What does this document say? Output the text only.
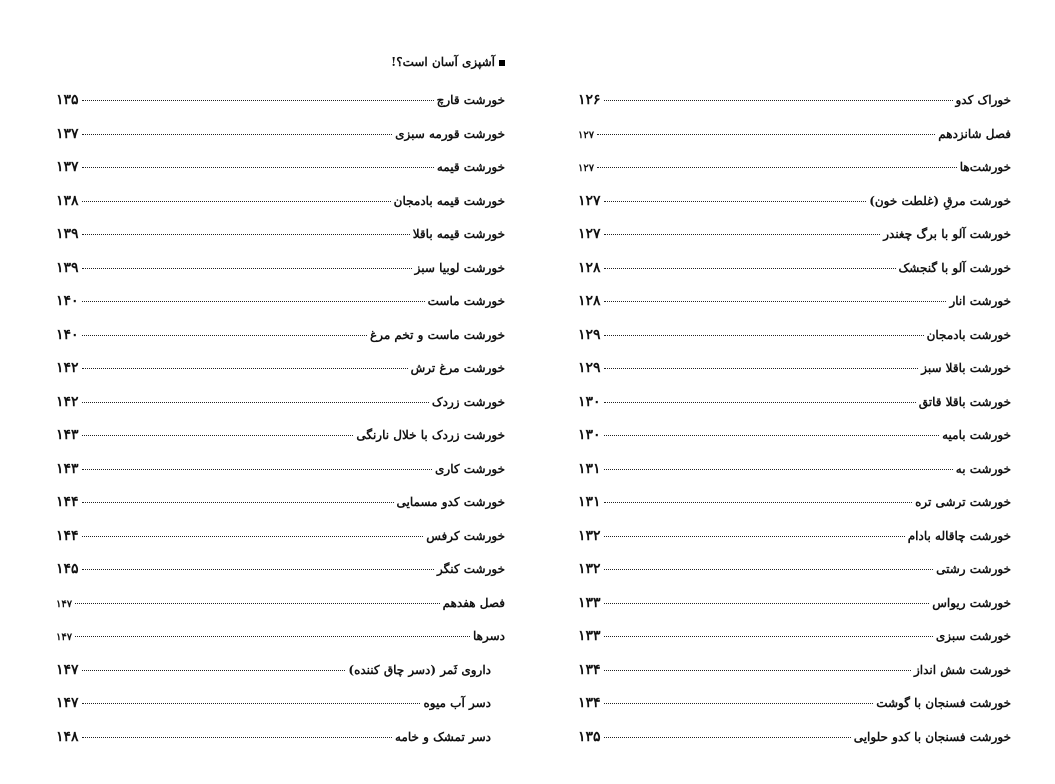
آشپزی آسان است؟!
خورشت قارچ
۱۳۵
خورشت قورمه سبزی
۱۳۷
خورشت قیمه
۱۳۷
خورشت قیمه بادمجان
۱۳۸
خورشت قیمه باقلا
۱۳۹
خورشت لوبیا سبز
۱۳۹
خورشت ماست
۱۴۰
خورشت ماست و تخم مرغ
۱۴۰
خورشت مرغ ترش
۱۴۲
خورشت زردک
۱۴۲
خورشت زردک با خلال نارنگی
۱۴۳
خورشت کاری
۱۴۳
خورشت کدو مسمایی
۱۴۴
خورشت کرفس
۱۴۴
خورشت کنگر
۱۴۵
فصل هفدهم
۱۴۷
دسرها
۱۴۷
داروی ثَمر (دسر چاق کننده)
۱۴۷
دسر آب میوه
۱۴۷
دسر تمشک و خامه
۱۴۸
خوراک کدو
۱۲۶
فصل شانزدهم
۱۲۷
خورشت‌ها
۱۲۷
خورشت مرقِ (غلطت خون)
۱۲۷
خورشت آلو با برگ چغندر
۱۲۷
خورشت آلو با گنجشک
۱۲۸
خورشت انار
۱۲۸
خورشت بادمجان
۱۲۹
خورشت باقلا سبز
۱۲۹
خورشت باقلا قاتق
۱۳۰
خورشت بامیه
۱۳۰
خورشت به
۱۳۱
خورشت ترشی تره
۱۳۱
خورشت چاقاله بادام
۱۳۲
خورشت رشتی
۱۳۲
خورشت ریواس
۱۳۳
خورشت سبزی
۱۳۳
خورشت شش انداز
۱۳۴
خورشت فسنجان با گوشت
۱۳۴
خورشت فسنجان با کدو حلوایی
۱۳۵
